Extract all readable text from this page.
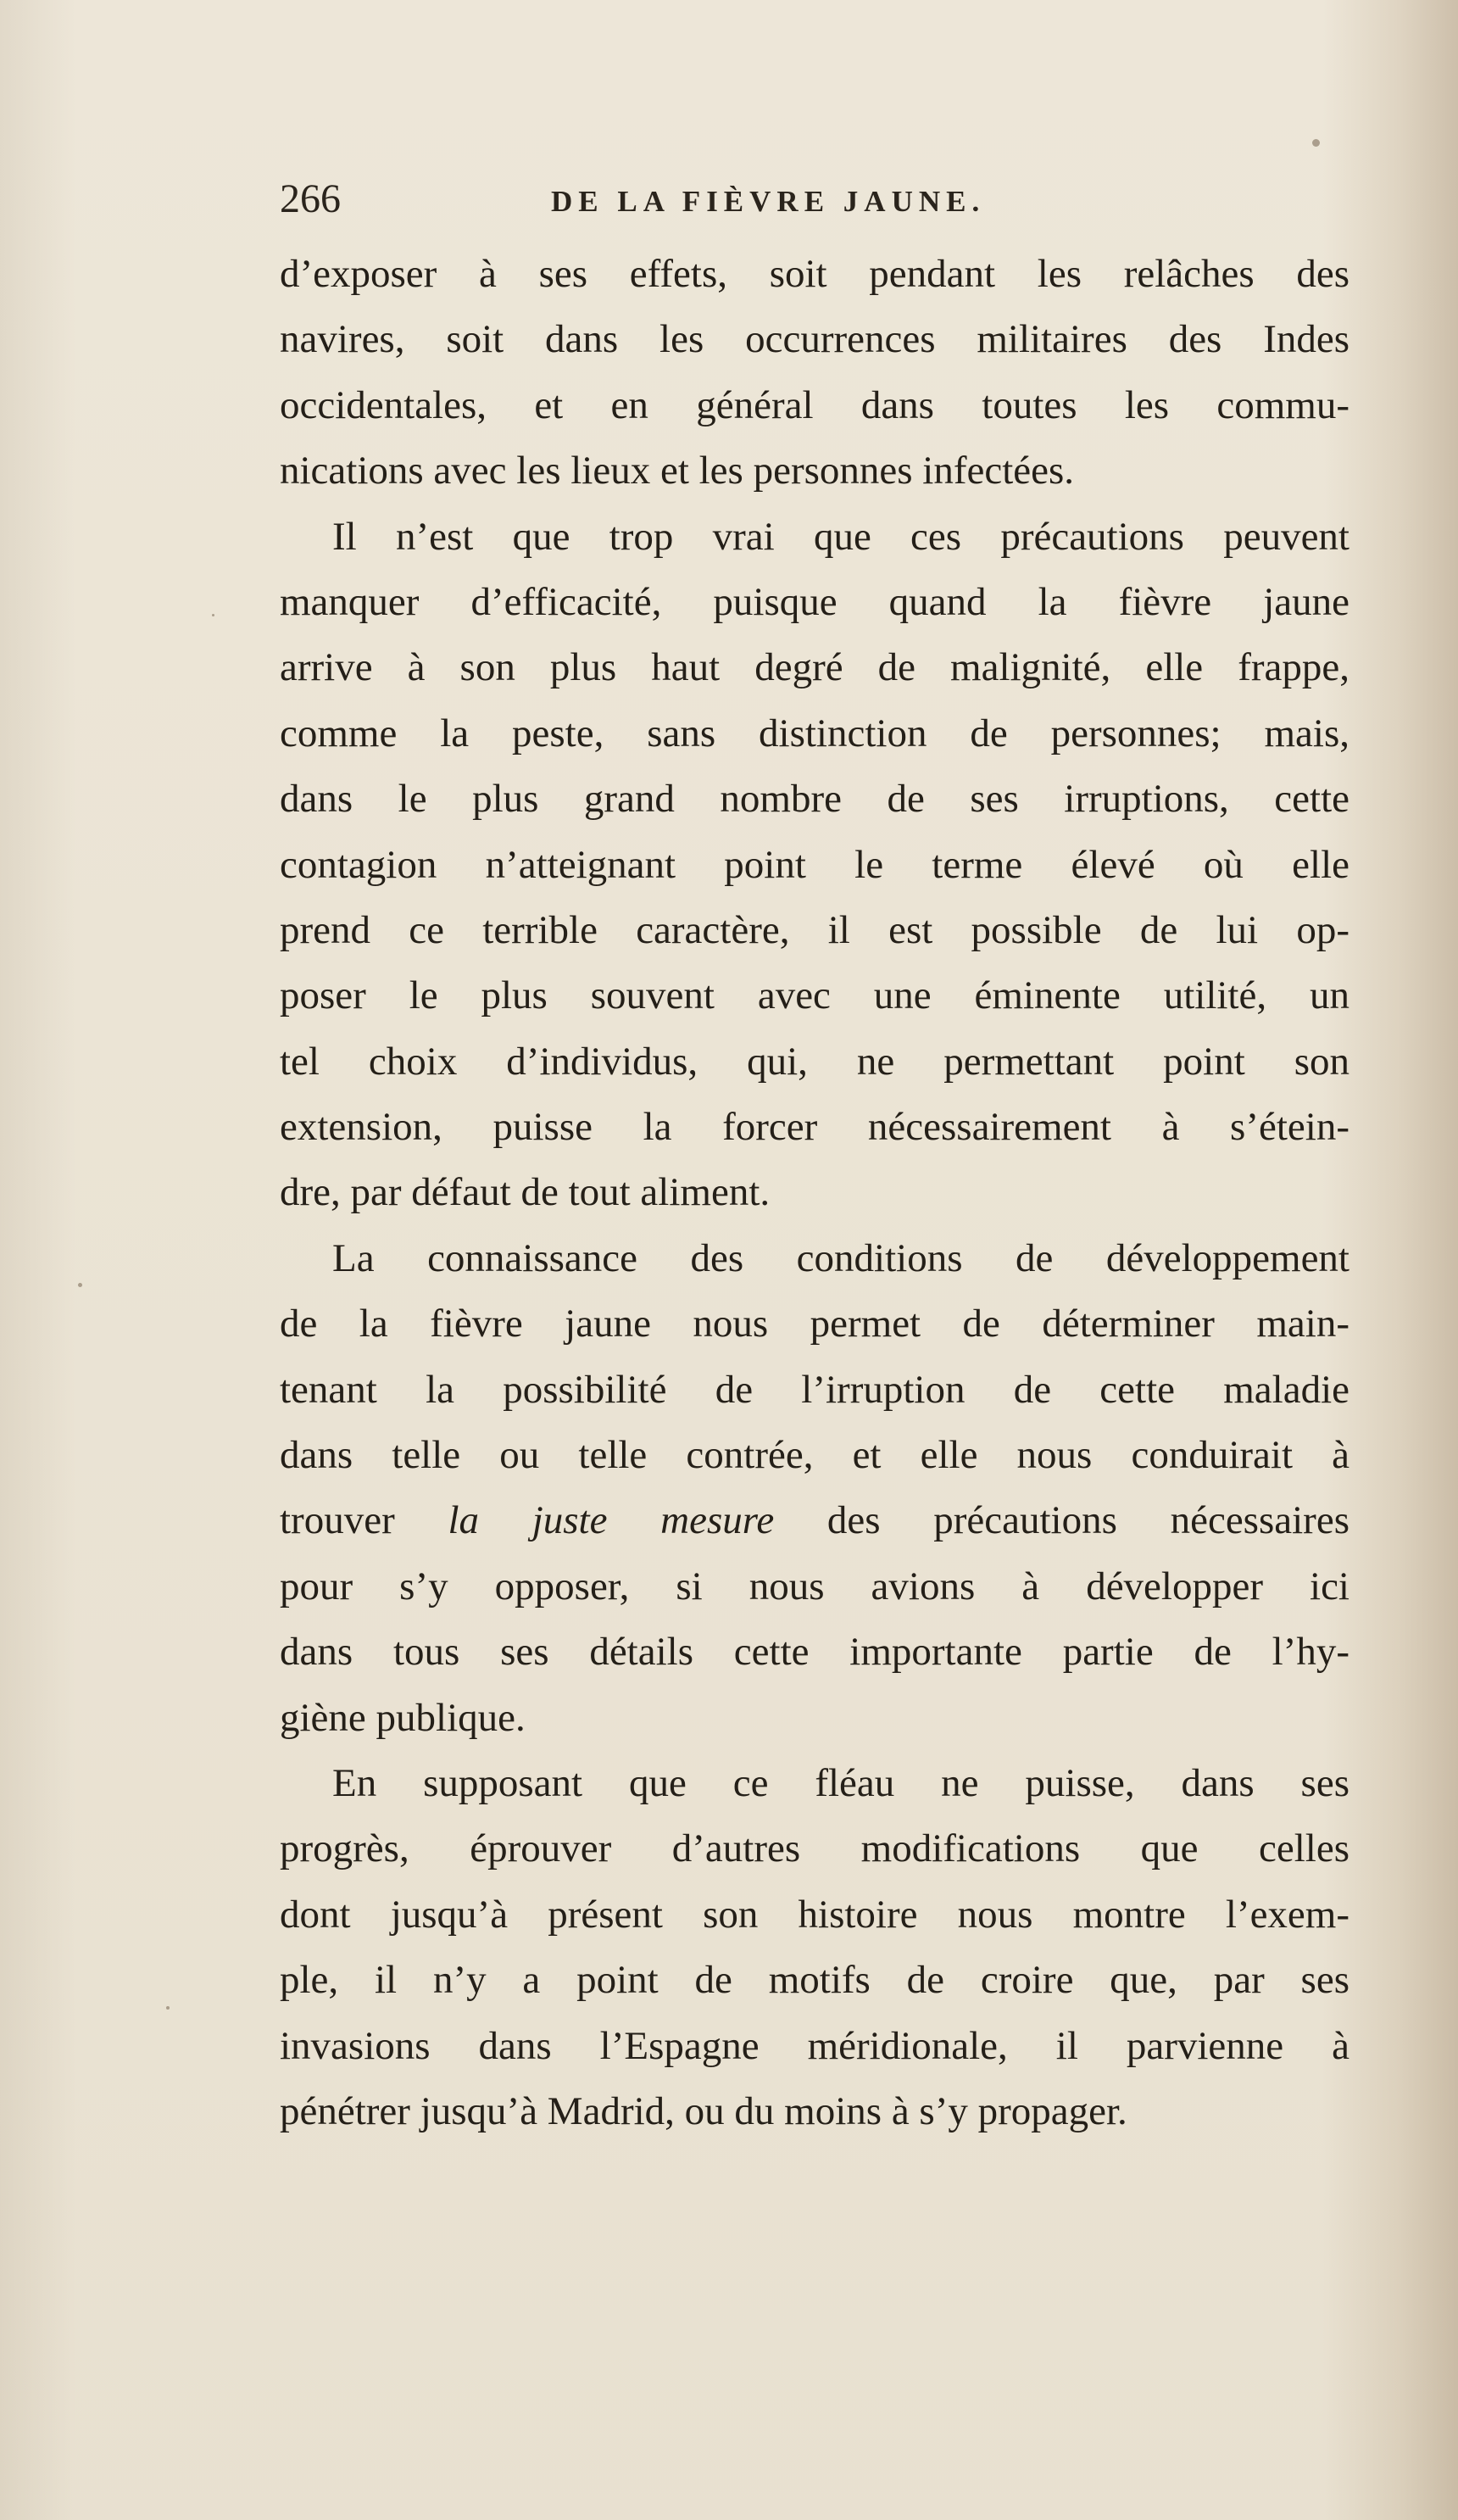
266	DE LA FIÈVRE JAUNE.
d’exposer à ses effets, soit pendant les relâches des
navires, soit dans les occurrences militaires des Indes
occidentales, et en général dans toutes les commu-
nications avec les lieux et les personnes infectées.
Il n’est que trop vrai que ces précautions peuvent
manquer d’efficacité, puisque quand la fièvre jaune
arrive à son plus haut degré de malignité, elle frappe,
comme la peste, sans distinction de personnes; mais,
dans le plus grand nombre de ses irruptions, cette
contagion n’atteignant point le terme élevé où elle
prend ce terrible caractère, il est possible de lui op-
poser le plus souvent avec une éminente utilité, un
tel choix d’individus, qui, ne permettant point son
extension, puisse la forcer nécessairement à s’étein-
dre, par défaut de tout aliment.
La connaissance des conditions de développement
de la fièvre jaune nous permet de déterminer main-
tenant la possibilité de l’irruption de cette maladie
dans telle ou telle contrée, et elle nous conduirait à
trouver la juste mesure des précautions nécessaires
pour s’y opposer, si nous avions à développer ici
dans tous ses détails cette importante partie de l’hy-
giène publique.
En supposant que ce fléau ne puisse, dans ses
progrès, éprouver d’autres modifications que celles
dont jusqu’à présent son histoire nous montre l’exem-
ple, il n’y a point de motifs de croire que, par ses
invasions dans l’Espagne méridionale, il parvienne à
pénétrer jusqu’à Madrid, ou du moins à s’y propager.
